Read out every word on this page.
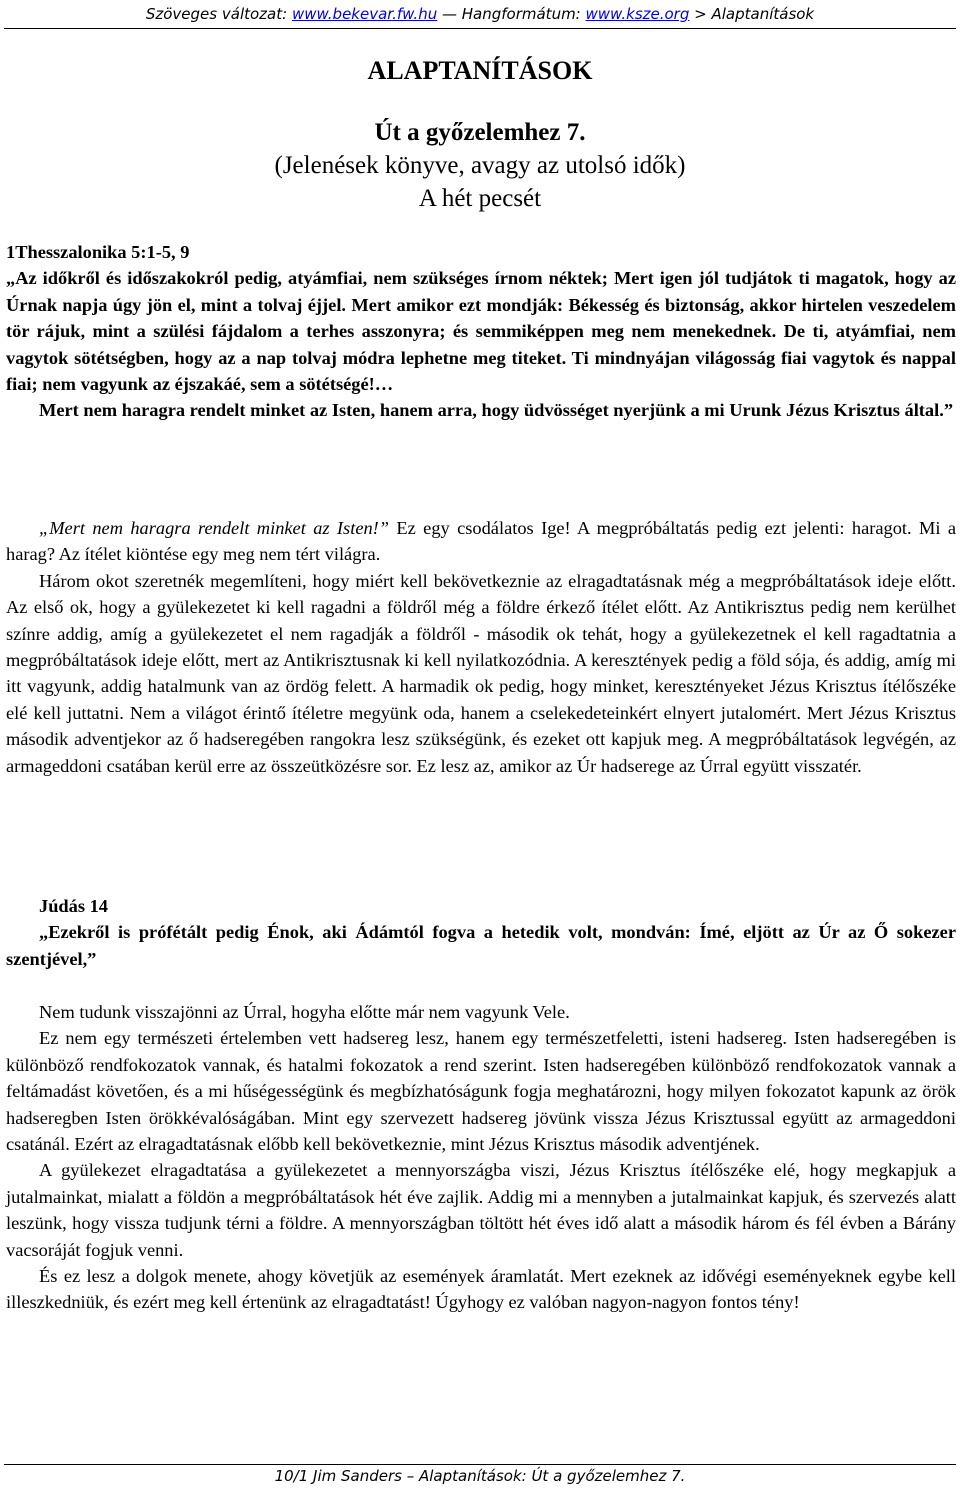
Szöveges változat: www.bekevar.fw.hu — Hangformátum: www.ksze.org > Alaptanítások
ALAPTANÍTÁSOK
Út a győzelemhez 7.
(Jelenések könyve, avagy az utolsó idők)
A hét pecsét

1Thesszalonika 5:1-5, 9

„Az időkről és időszakokról pedig, atyámfiai, nem szükséges írnom néktek; Mert igen jól tudjátok ti magatok, hogy az Úrnak napja úgy jön el, mint a tolvaj éjjel. Mert amikor ezt mondják: Békesség és biztonság, akkor hirtelen veszedelem tör rájuk, mint a szülési fájdalom a terhes asszonyra; és semmiképpen meg nem menekednek. De ti, atyámfiai, nem vagytok sötétségben, hogy az a nap tolvaj módra lephetne meg titeket. Ti mindnyájan világosság fiai vagytok és nappal fiai; nem vagyunk az éjszakáé, sem a sötétségé!…

Mert nem haragra rendelt minket az Isten, hanem arra, hogy üdvösséget nyerjünk a mi Urunk Jézus Krisztus által.”

„Mert nem haragra rendelt minket az Isten!” Ez egy csodálatos Ige! A megpróbáltatás pedig ezt jelenti: haragot. Mi a harag? Az ítélet kiöntése egy meg nem tért világra.

Három okot szeretnék megemlíteni, hogy miért kell bekövetkeznie az elragadtatásnak még a megpróbáltatások ideje előtt. Az első ok, hogy a gyülekezetet ki kell ragadni a földről még a földre érkező ítélet előtt. Az Antikrisztus pedig nem kerülhet színre addig, amíg a gyülekezetet el nem ragadják a földről - második ok tehát, hogy a gyülekezetnek el kell ragadtatnia a megpróbáltatások ideje előtt, mert az Antikrisztusnak ki kell nyilatkozódnia. A keresztények pedig a föld sója, és addig, amíg mi itt vagyunk, addig hatalmunk van az ördög felett. A harmadik ok pedig, hogy minket, keresztényeket Jézus Krisztus ítélőszéke elé kell juttatni. Nem a világot érintő ítéletre megyünk oda, hanem a cselekedeteinkért elnyert jutalomért. Mert Jézus Krisztus második adventjekor az ő hadseregében rangokra lesz szükségünk, és ezeket ott kapjuk meg. A megpróbáltatások legvégén, az armageddoni csatában kerül erre az összeütközésre sor. Ez lesz az, amikor az Úr hadserege az Úrral együtt visszatér.

Júdás 14

„Ezekről is prófétált pedig Énok, aki Ádámtól fogva a hetedik volt, mondván: Ímé, eljött az Úr az Ő sokezer szentjével,”

Nem tudunk visszajönni az Úrral, hogyha előtte már nem vagyunk Vele.

Ez nem egy természeti értelemben vett hadsereg lesz, hanem egy természetfeletti, isteni hadsereg. Isten hadseregében is különböző rendfokozatok vannak, és hatalmi fokozatok a rend szerint. Isten hadseregében különböző rendfokozatok vannak a feltámadást követően, és a mi hűségességünk és megbízhatóságunk fogja meghatározni, hogy milyen fokozatot kapunk az örök hadseregben Isten örökkévalóságában. Mint egy szervezett hadsereg jövünk vissza Jézus Krisztussal együtt az armageddoni csatánál. Ezért az elragadtatásnak előbb kell bekövetkeznie, mint Jézus Krisztus második adventjének.

A gyülekezet elragadtatása a gyülekezetet a mennyországba viszi, Jézus Krisztus ítélőszéke elé, hogy megkapjuk a jutalmainkat, mialatt a földön a megpróbáltatások hét éve zajlik. Addig mi a mennyben a jutalmainkat kapjuk, és szervezés alatt leszünk, hogy vissza tudjunk térni a földre. A mennyországban töltött hét éves idő alatt a második három és fél évben a Bárány vacsoráját fogjuk venni.

És ez lesz a dolgok menete, ahogy követjük az események áramlatát. Mert ezeknek az idővégi eseményeknek egybe kell illeszkedniük, és ezért meg kell értenünk az elragadtatást! Úgyhogy ez valóban nagyon-nagyon fontos tény!

10/1 Jim Sanders – Alaptanítások: Út a győzelemhez 7.
